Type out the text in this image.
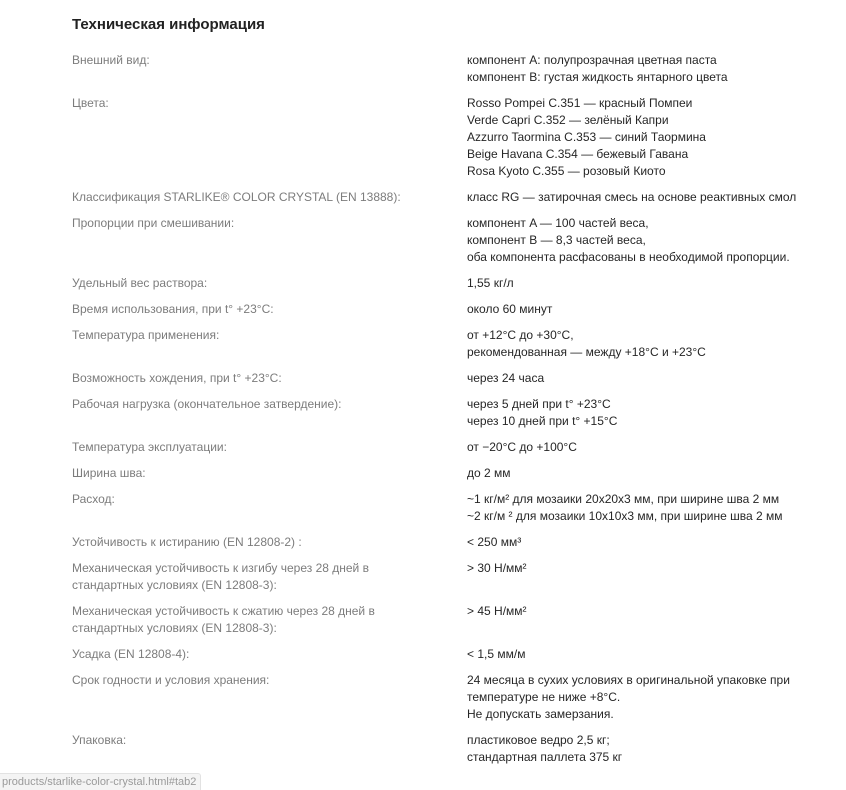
Техническая информация
Внешний вид:	компонент А: полупрозрачная цветная паста
компонент B: густая жидкость янтарного цвета
Цвета:	Rosso Pompei C.351 — красный Помпеи
Verde Capri C.352 — зелёный Капри
Azzurro Taormina C.353 — синий Таормина
Beige Havana C.354 — бежевый Гавана
Rosa Kyoto C.355 — розовый Киото
Классификация STARLIKE® COLOR CRYSTAL (EN 13888):	класс RG — затирочная смесь на основе реактивных смол
Пропорции при смешивании:	компонент A — 100 частей веса,
компонент B — 8,3 частей веса,
оба компонента расфасованы в необходимой пропорции.
Удельный вес раствора:	1,55 кг/л
Время использования, при t° +23°C:	около 60 минут
Температура применения:	от +12°C до +30°C,
рекомендованная — между +18°C и +23°C
Возможность хождения, при t° +23°C:	через 24 часа
Рабочая нагрузка (окончательное затвердение):	через 5 дней при t° +23°C
через 10 дней при t° +15°C
Температура эксплуатации:	от −20°C до +100°C
Ширина шва:	до 2 мм
Расход:	~1 кг/м² для мозаики 20x20x3 мм, при ширине шва 2 мм
~2 кг/м ² для мозаики 10x10x3 мм, при ширине шва 2 мм
Устойчивость к истиранию (EN 12808-2) :	< 250 мм³
Механическая устойчивость к изгибу через 28 дней в
стандартных условиях (EN 12808-3):
> 30 Н/мм²
Механическая устойчивость к сжатию через 28 дней в
стандартных условиях (EN 12808-3):
> 45 Н/мм²
Усадка (EN 12808-4):	< 1,5 мм/м
Срок годности и условия хранения:	24 месяца в сухих условиях в оригинальной упаковке при
температуре не ниже +8°C.
Не допускать замерзания.
Упаковка:	пластиковое ведро 2,5 кг;
стандартная паллета 375 кг
products/starlike-color-crystal.html#tab2
